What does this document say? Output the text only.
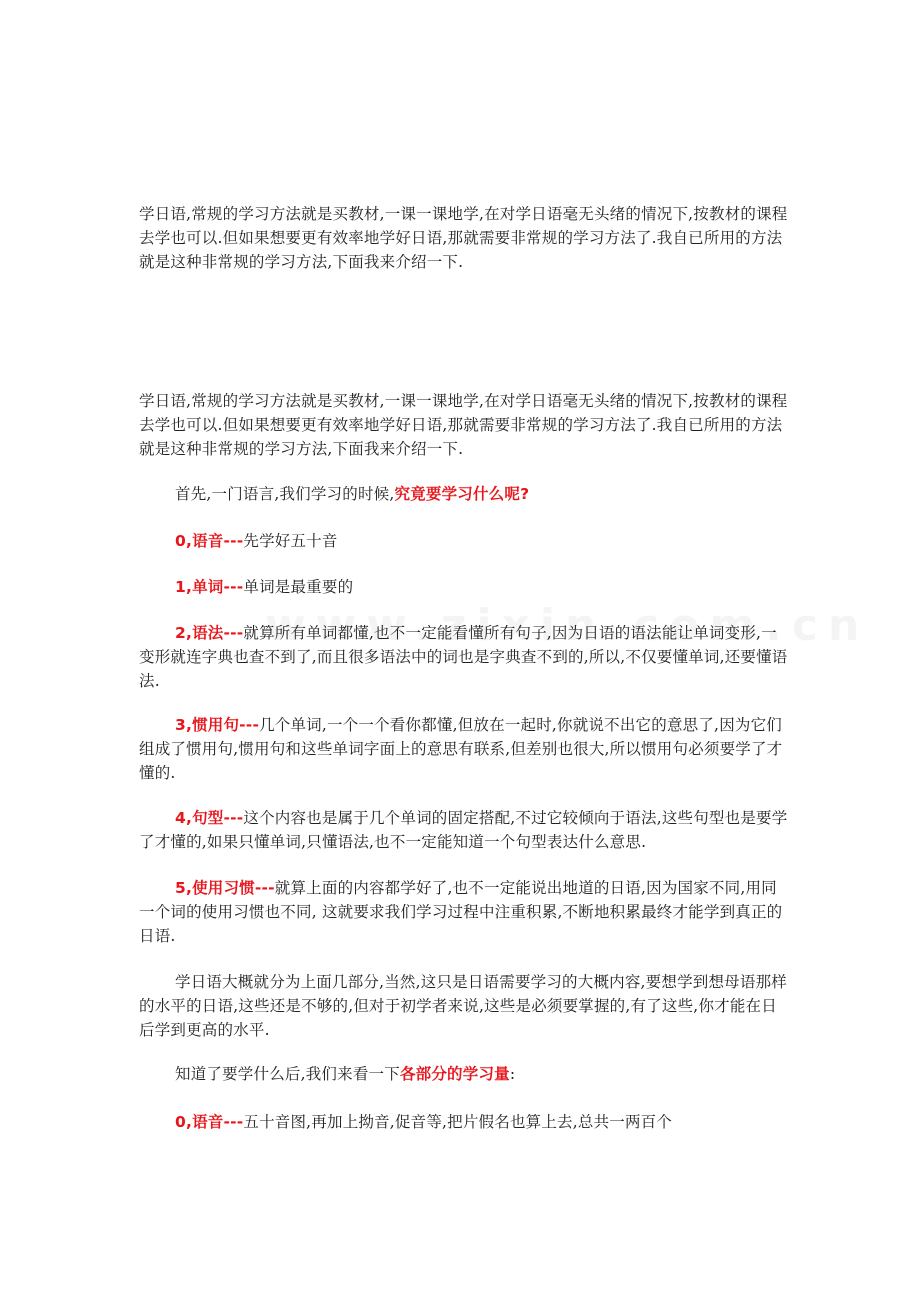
学日语,常规的学习方法就是买教材,一课一课地学,在对学日语毫无头绪的情况下,按教材的课程去学也可以.但如果想要更有效率地学好日语,那就需要非常规的学习方法了.我自已所用的方法就是这种非常规的学习方法,下面我来介绍一下.

学日语,常规的学习方法就是买教材,一课一课地学,在对学日语毫无头绪的情况下,按教材的课程去学也可以.但如果想要更有效率地学好日语,那就需要非常规的学习方法了.我自已所用的方法就是这种非常规的学习方法,下面我来介绍一下.

首先,一门语言,我们学习的时候,究竟要学习什么呢?

0,语音---先学好五十音

1,单词---单词是最重要的

2,语法---就算所有单词都懂,也不一定能看懂所有句子,因为日语的语法能让单词变形,一变形就连字典也查不到了,而且很多语法中的词也是字典查不到的,所以,不仅要懂单词,还要懂语法.

3,惯用句---几个单词,一个一个看你都懂,但放在一起时,你就说不出它的意思了,因为它们组成了惯用句,惯用句和这些单词字面上的意思有联系,但差别也很大,所以惯用句必须要学了才懂的.

4,句型---这个内容也是属于几个单词的固定搭配,不过它较倾向于语法,这些句型也是要学了才懂的,如果只懂单词,只懂语法,也不一定能知道一个句型表达什么意思.

5,使用习惯---就算上面的内容都学好了,也不一定能说出地道的日语,因为国家不同,用同一个词的使用习惯也不同, 这就要求我们学习过程中注重积累,不断地积累最终才能学到真正的日语.

学日语大概就分为上面几部分,当然,这只是日语需要学习的大概内容,要想学到想母语那样的水平的日语,这些还是不够的,但对于初学者来说,这些是必须要掌握的,有了这些,你才能在日后学到更高的水平.

知道了要学什么后,我们来看一下各部分的学习量:

0,语音---五十音图,再加上拗音,促音等,把片假名也算上去,总共一两百个
